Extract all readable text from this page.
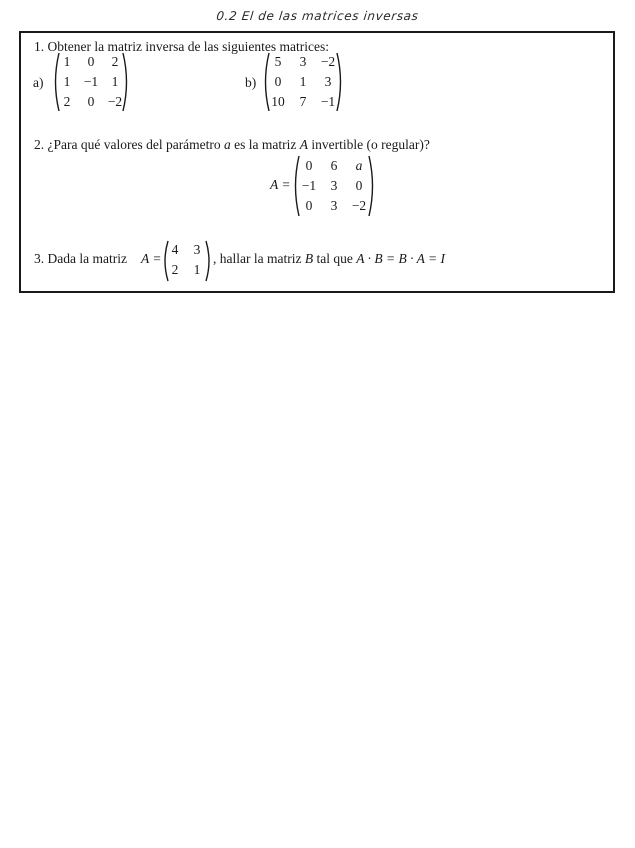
0.2 El de las matrices inversas
1. Obtener la matriz inversa de las siguientes matrices:
a)
1	0	2
1 −1 1
2	0 −2
b)
5	3	−2
0	1	3
10	7	−1
2. ¿Para qué valores del parámetro a es la matriz A invertible (o regular)?
A =
0	6	a
−1	3	0
0	3	−2
3. Dada la matriz A =
4	3
2	1
, hallar la matriz B tal que A · B = B · A = I
